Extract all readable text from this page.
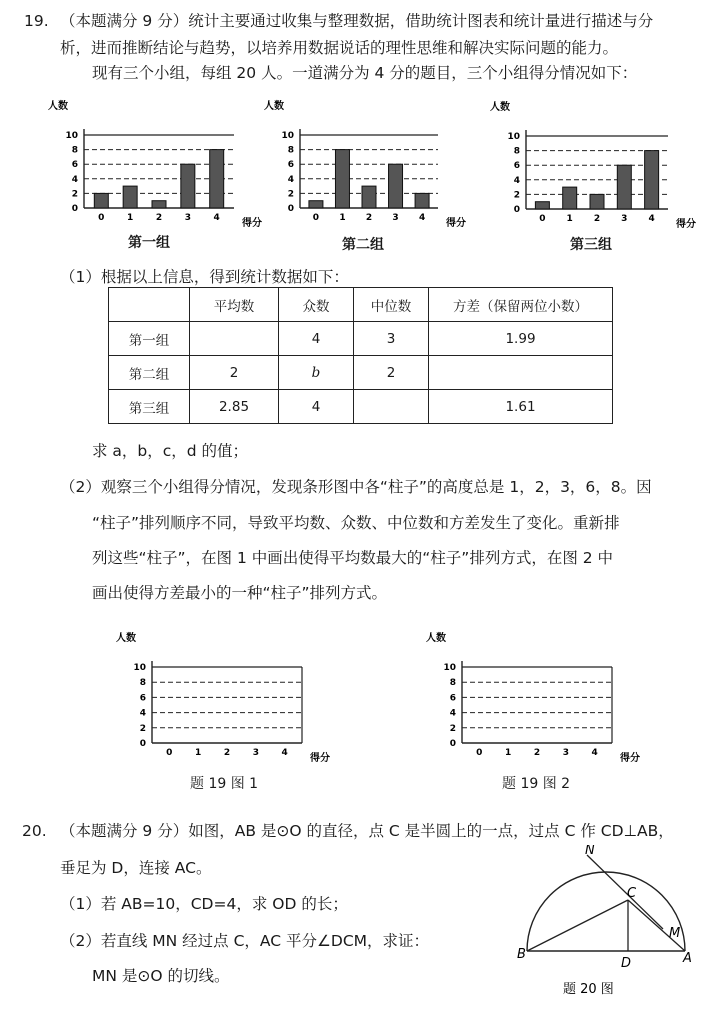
19. （本题满分 9 分）统计主要通过收集与整理数据，借助统计图表和统计量进行描述与分
析，进而推断结论与趋势，以培养用数据说话的理性思维和解决实际问题的能力。
现有三个小组，每组 20 人。一道满分为 4 分的题目，三个小组得分情况如下：
0
2
4
6
8
10
人数
得分
0	1	2	3	4
0
2
4
6
8
10
人数
得分
0 1 2 3 4
0
2
4
6
8
10
人数
得分
0 1 2 3 4
0
2
4
6
8
10
人数
得分
0	1	2	3	4
0
2
4
6
8
10
人数
得分
0	1	2	3	4
第一组	第二组	第三组
（1）根据以上信息，得到统计数据如下：
	平均数	众数	中位数	方差（保留两位小数）
第一组		4	3	1.99
第二组	2	b	2	
第三组	2.85	4		1.61
求 a，b，c，d 的值；
（2）观察三个小组得分情况，发现条形图中各“柱子”的高度总是 1，2，3，6，8。因
“柱子”排列顺序不同，导致平均数、众数、中位数和方差发生了变化。重新排
列这些“柱子”，在图 1 中画出使得平均数最大的“柱子”排列方式，在图 2 中
画出使得方差最小的一种“柱子”排列方式。
题 19 图 1	题 19 图 2
20. （本题满分 9 分）如图，AB 是⊙O 的直径，点 C 是半圆上的一点，过点 C 作 CD⊥AB，
垂足为 D，连接 AC。
（1）若 AB=10，CD=4，求 OD 的长；
（2）若直线 MN 经过点 C，AC 平分∠DCM，求证：
MN 是⊙O 的切线。
N
C
M
B
D	A
题 20 图
